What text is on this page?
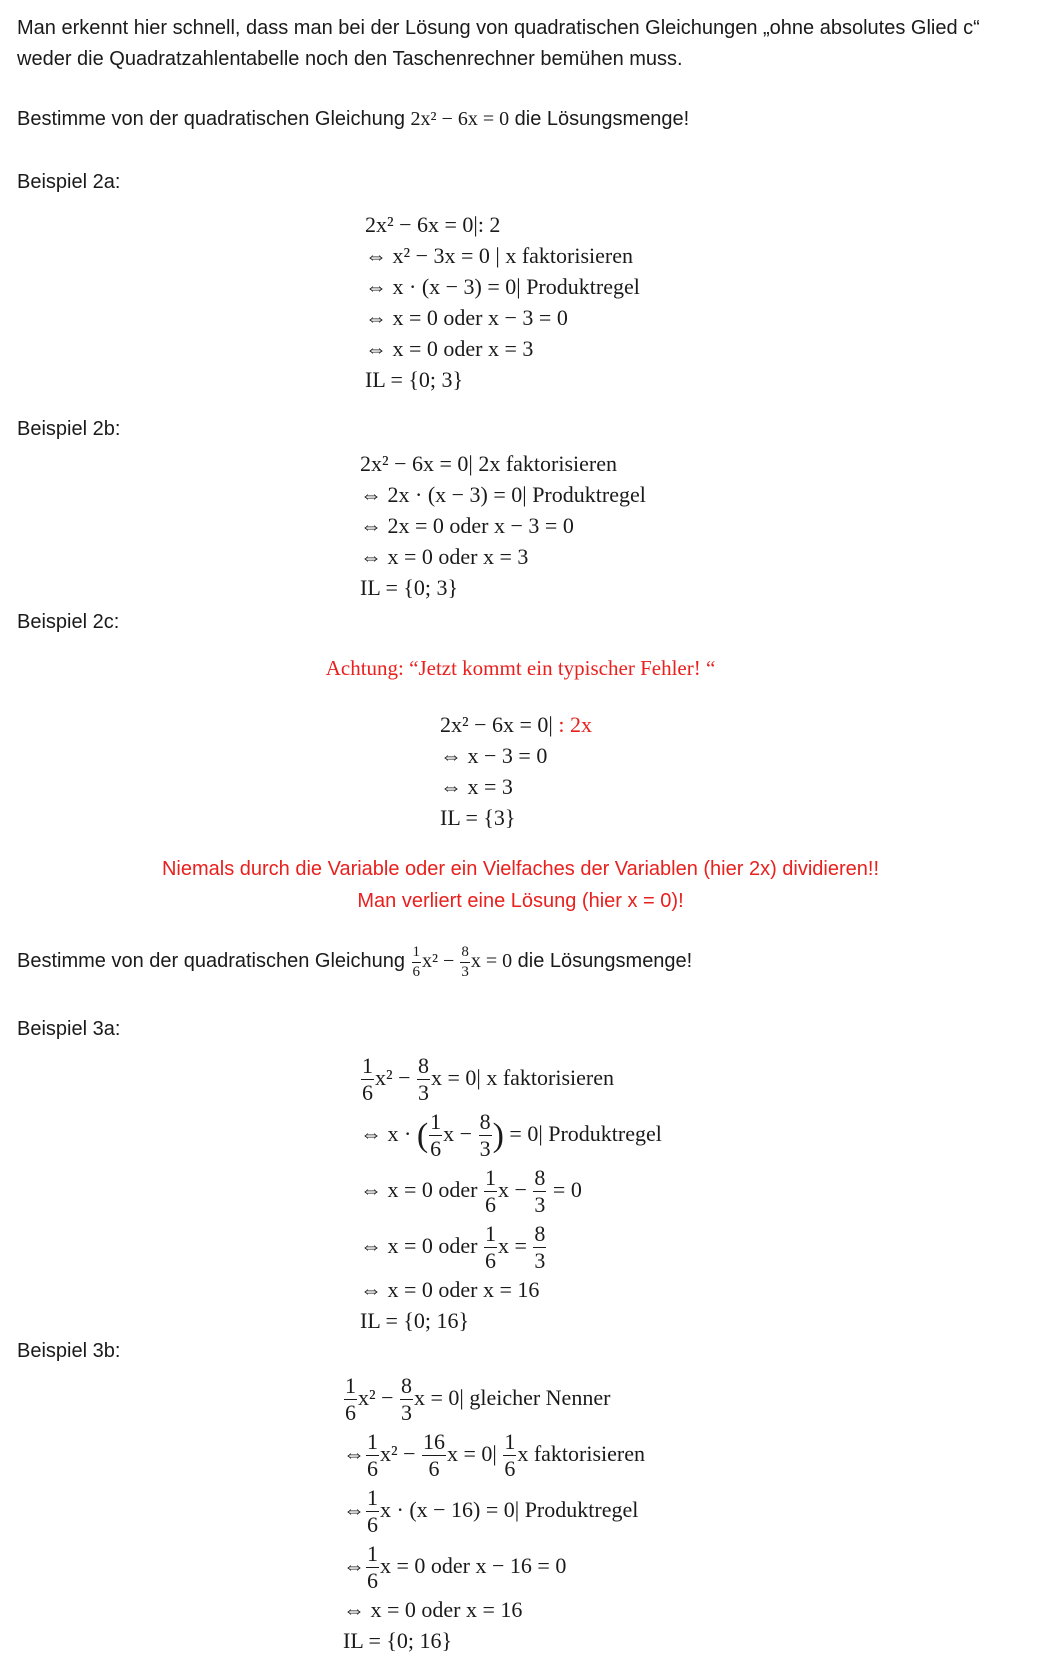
Man erkennt hier schnell, dass man bei der Lösung von quadratischen Gleichungen „ohne absolutes Glied c“
weder die Quadratzahlentabelle noch den Taschenrechner bemühen muss.
Bestimme von der quadratischen Gleichung 2x² − 6x = 0 die Lösungsmenge!
Beispiel 2a:
2x² − 6x = 0|: 2
⇔ x² − 3x = 0 | x faktorisieren
⇔ x · (x − 3) = 0| Produktregel
⇔ x = 0 oder x − 3 = 0
⇔ x = 0 oder x = 3
IL = {0; 3}
Beispiel 2b:
2x² − 6x = 0| 2x faktorisieren
⇔ 2x · (x − 3) = 0| Produktregel
⇔ 2x = 0 oder x − 3 = 0
⇔ x = 0 oder x = 3
IL = {0; 3}
Beispiel 2c:
Achtung: “Jetzt kommt ein typischer Fehler! “
2x² − 6x = 0| : 2x
⇔ x − 3 = 0
⇔ x = 3
IL = {3}
Niemals durch die Variable oder ein Vielfaches der Variablen (hier 2x) dividieren!!
Man verliert eine Lösung (hier x = 0)!
Bestimme von der quadratischen Gleichung $\frac{1}{6} x^2 - \frac{8}{3}$ x = 0 die Lösungsmenge!
Beispiel 3a:
$\frac{1}{6} x^2 - \frac{8}{3}$ x = 0| x faktorisieren
⇔ x · ( $\frac{1}{6}$ $x - \frac{8}{3}$ ) = 0| Produktregel
⇔ x = 0 oder $\frac{1}{6}$ $x - \frac{8}{3} = 0$
⇔ x = 0 oder $\frac{1}{6}$ $x = \frac{8}{3}$
⇔ x = 0 oder x = 16
IL = {0; 16}
Beispiel 3b:
$\frac{1}{6} x^2 - \frac{8}{3}$ x = 0| gleicher Nenner
⇔ $\frac{1}{6} x^2 - \frac{16}{6}$ $x = 0| \frac{1}{6}$ x faktorisieren
⇔ $\frac{1}{6}$ x · (x − 16) = 0| Produktregel
⇔ $\frac{1}{6}$ x = 0 oder x − 16 = 0
⇔ x = 0 oder x = 16
IL = {0; 16}
